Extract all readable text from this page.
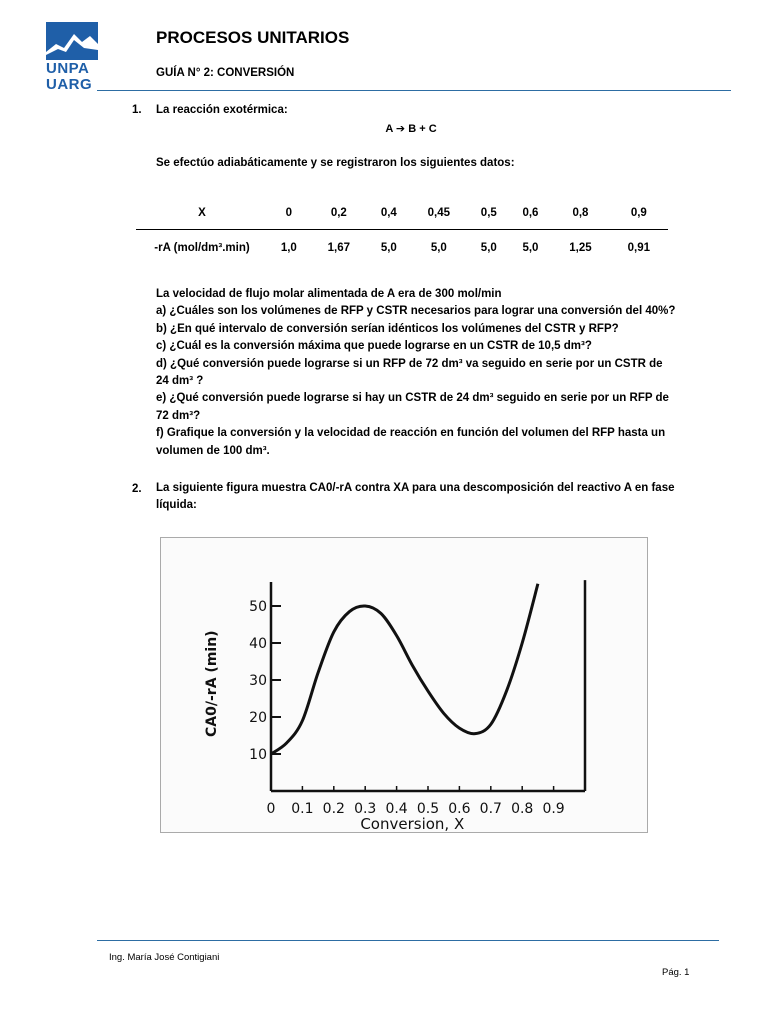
UNPA
UARG
PROCESOS UNITARIOS
GUÍA N° 2: CONVERSIÓN
1. La reacción exotérmica:
A ➔ B + C
Se efectúo adiabáticamente y se registraron los siguientes datos:
X	0	0,2	0,4	0,45	0,5	0,6	0,8	0,9
-rA (mol/dm³.min)	1,0	1,67	5,0	5,0	5,0	5,0	1,25	0,91
La velocidad de flujo molar alimentada de A era de 300 mol/min
a) ¿Cuáles son los volúmenes de RFP y CSTR necesarios para lograr una conversión del 40%?
b) ¿En qué intervalo de conversión serían idénticos los volúmenes del CSTR y RFP?
c) ¿Cuál es la conversión máxima que puede lograrse en un CSTR de 10,5 dm³?
d) ¿Qué conversión puede lograrse si un RFP de 72 dm³ va seguido en serie por un CSTR de
24 dm³ ?
e) ¿Qué conversión puede lograrse si hay un CSTR de 24 dm³ seguido en serie por un RFP de
72 dm³?
f) Grafique la conversión y la velocidad de reacción en función del volumen del RFP hasta un
volumen de 100 dm³.
2. La siguiente figura muestra CA0/-rA contra XA para una descomposición del reactivo A en fase
líquida:
0 0.1 0.2 0.3 0.4 0.5 0.6 0.7 0.8 0.9
10
20
30
40
50
Conversion, X
CA0/-rA (min)
Ing. María José Contigiani
Pág. 1
